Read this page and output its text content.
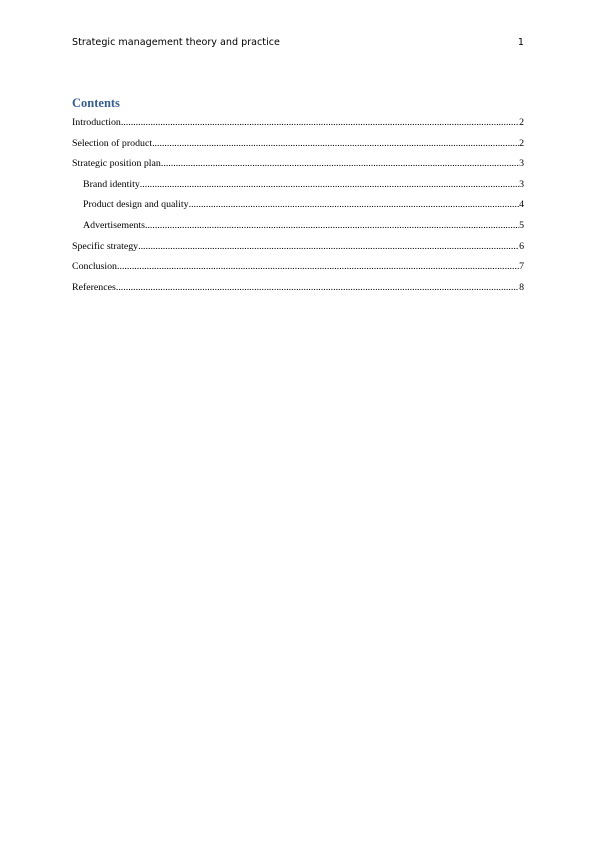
Strategic management theory and practice	1
Contents
Introduction .....	2
Selection of product .....	2
Strategic position plan .....	3
Brand identity .....	3
Product design and quality .....	4
Advertisements .....	5
Specific strategy .....	6
Conclusion .....	7
References .....	8
